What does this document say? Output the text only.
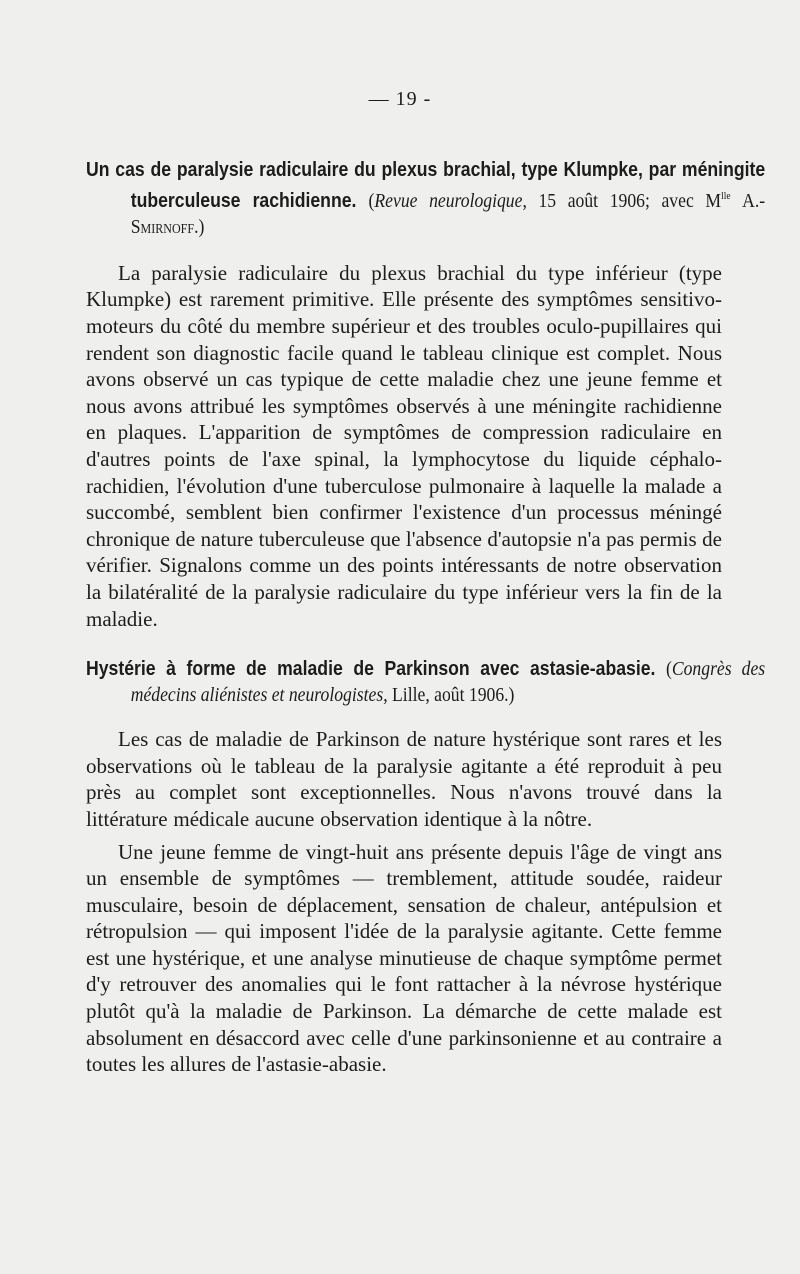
— 19 -

Un cas de paralysie radiculaire du plexus brachial, type Klumpke, par méningite tuberculeuse rachidienne. (Revue neurologique, 15 août 1906; avec $M^{lle}$ A.-Smirnoff.)

La paralysie radiculaire du plexus brachial du type inférieur (type Klumpke) est rarement primitive. Elle présente des symptômes sensitivo-moteurs du côté du membre supérieur et des troubles oculo-pupillaires qui rendent son diagnostic facile quand le tableau clinique est complet. Nous avons observé un cas typique de cette maladie chez une jeune femme et nous avons attribué les symptômes observés à une méningite rachidienne en plaques. L'apparition de symptômes de compression radiculaire en d'autres points de l'axe spinal, la lymphocytose du liquide céphalo-rachidien, l'évolution d'une tuberculose pulmonaire à laquelle la malade a succombé, semblent bien confirmer l'existence d'un processus méningé chronique de nature tuberculeuse que l'absence d'autopsie n'a pas permis de vérifier. Signalons comme un des points intéressants de notre observation la bilatéralité de la paralysie radiculaire du type inférieur vers la fin de la maladie.

Hystérie à forme de maladie de Parkinson avec astasie-abasie. (Congrès des médecins aliénistes et neurologistes, Lille, août 1906.)

Les cas de maladie de Parkinson de nature hystérique sont rares et les observations où le tableau de la paralysie agitante a été reproduit à peu près au complet sont exceptionnelles. Nous n'avons trouvé dans la littérature médicale aucune observation identique à la nôtre.

Une jeune femme de vingt-huit ans présente depuis l'âge de vingt ans un ensemble de symptômes — tremblement, attitude soudée, raideur musculaire, besoin de déplacement, sensation de chaleur, antépulsion et rétropulsion — qui imposent l'idée de la paralysie agitante. Cette femme est une hystérique, et une analyse minutieuse de chaque symptôme permet d'y retrouver des anomalies qui le font rattacher à la névrose hystérique plutôt qu'à la maladie de Parkinson. La démarche de cette malade est absolument en désaccord avec celle d'une parkinsonienne et au contraire a toutes les allures de l'astasie-abasie.
